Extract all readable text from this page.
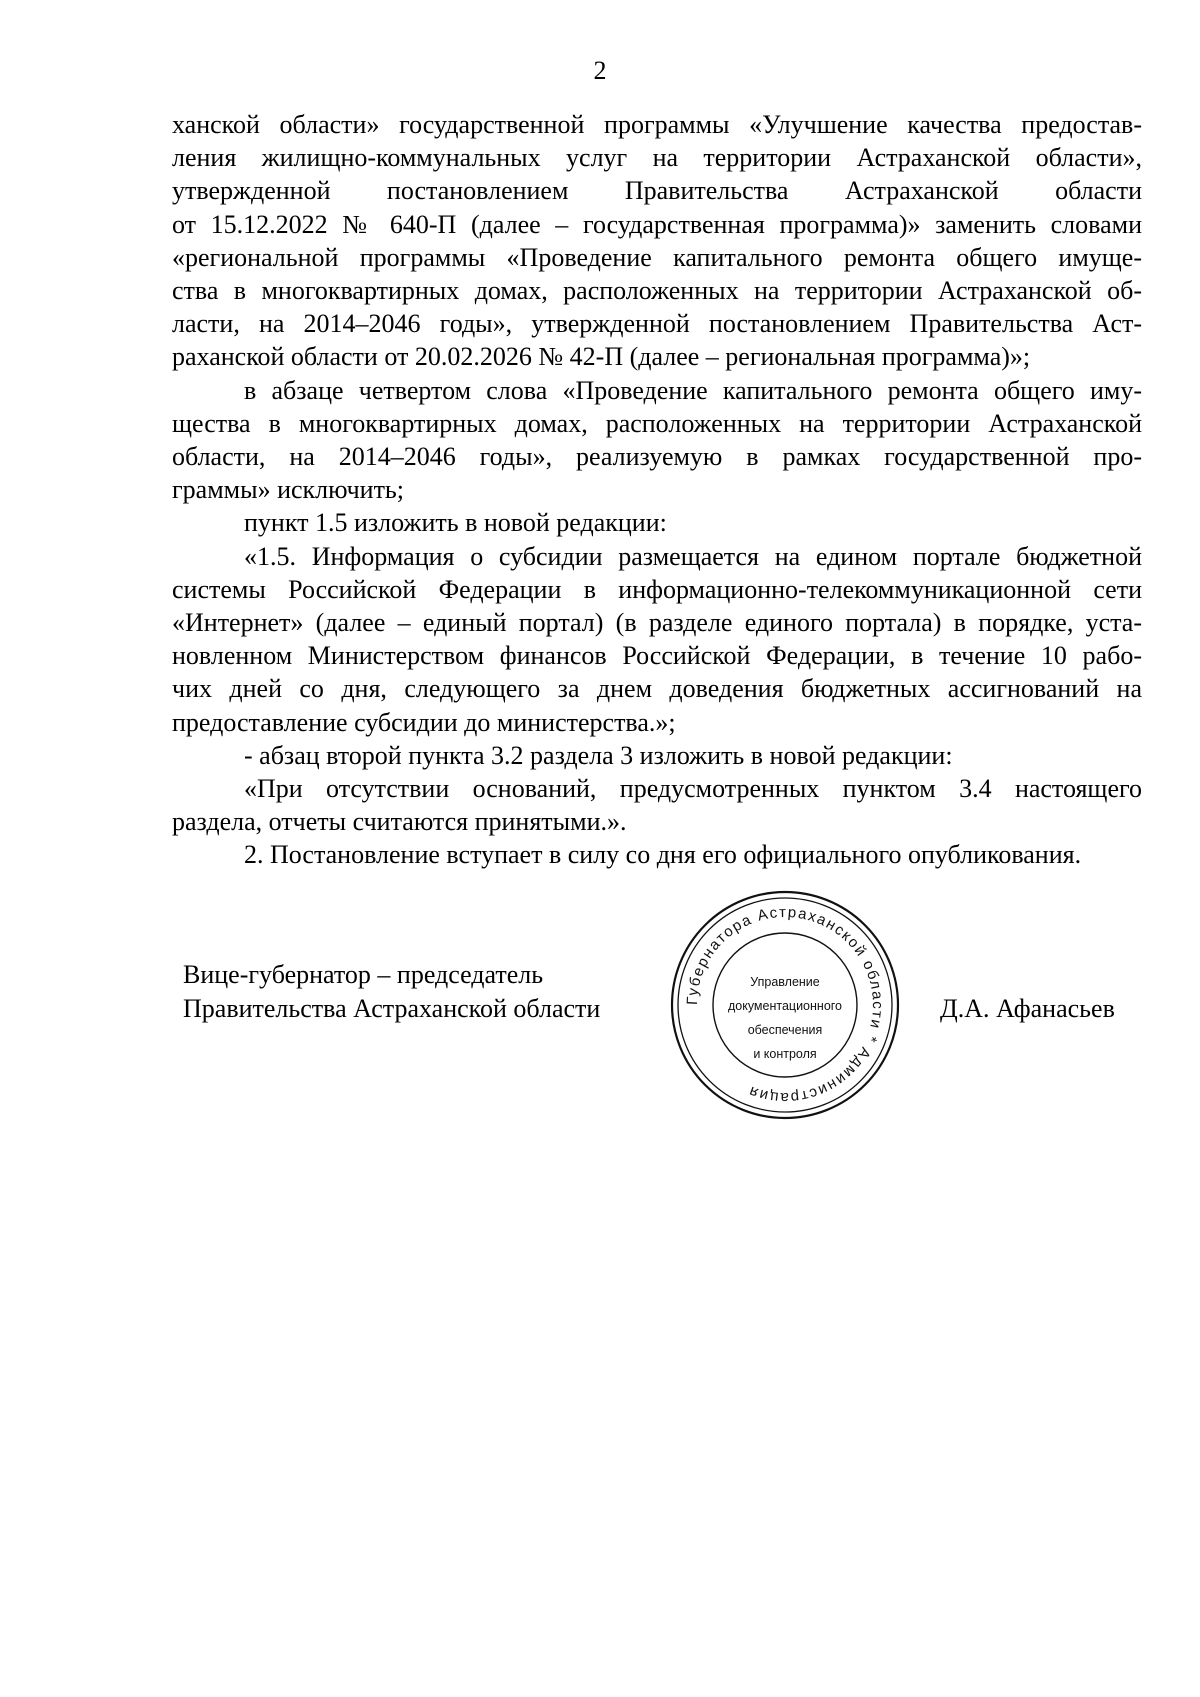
2
ханской области» государственной программы «Улучшение качества предостав-
ления жилищно-коммунальных услуг на территории Астраханской области»,
утвержденной постановлением Правительства Астраханской области
от 15.12.2022 № 640-П (далее – государственная программа)» заменить словами
«региональной программы «Проведение капитального ремонта общего имуще-
ства в многоквартирных домах, расположенных на территории Астраханской об-
ласти, на 2014–2046 годы», утвержденной постановлением Правительства Аст-
раханской области от 20.02.2026 № 42-П (далее – региональная программа)»;
в абзаце четвертом слова «Проведение капитального ремонта общего иму-
щества в многоквартирных домах, расположенных на территории Астраханской
области, на 2014–2046 годы», реализуемую в рамках государственной про-
граммы» исключить;
пункт 1.5 изложить в новой редакции:
«1.5. Информация о субсидии размещается на едином портале бюджетной
системы Российской Федерации в информационно-телекоммуникационной сети
«Интернет» (далее – единый портал) (в разделе единого портала) в порядке, уста-
новленном Министерством финансов Российской Федерации, в течение 10 рабо-
чих дней со дня, следующего за днем доведения бюджетных ассигнований на
предоставление субсидии до министерства.»;
- абзац второй пункта 3.2 раздела 3 изложить в новой редакции:
«При отсутствии оснований, предусмотренных пунктом 3.4 настоящего
раздела, отчеты считаются принятыми.».
2. Постановление вступает в силу со дня его официального опубликования.
Вице-губернатор – председатель
Правительства Астраханской области	Губернатора Астраханской области * Администрация
Управление
документационного
обеспечения
и контроля
Д.А. Афанасьев
